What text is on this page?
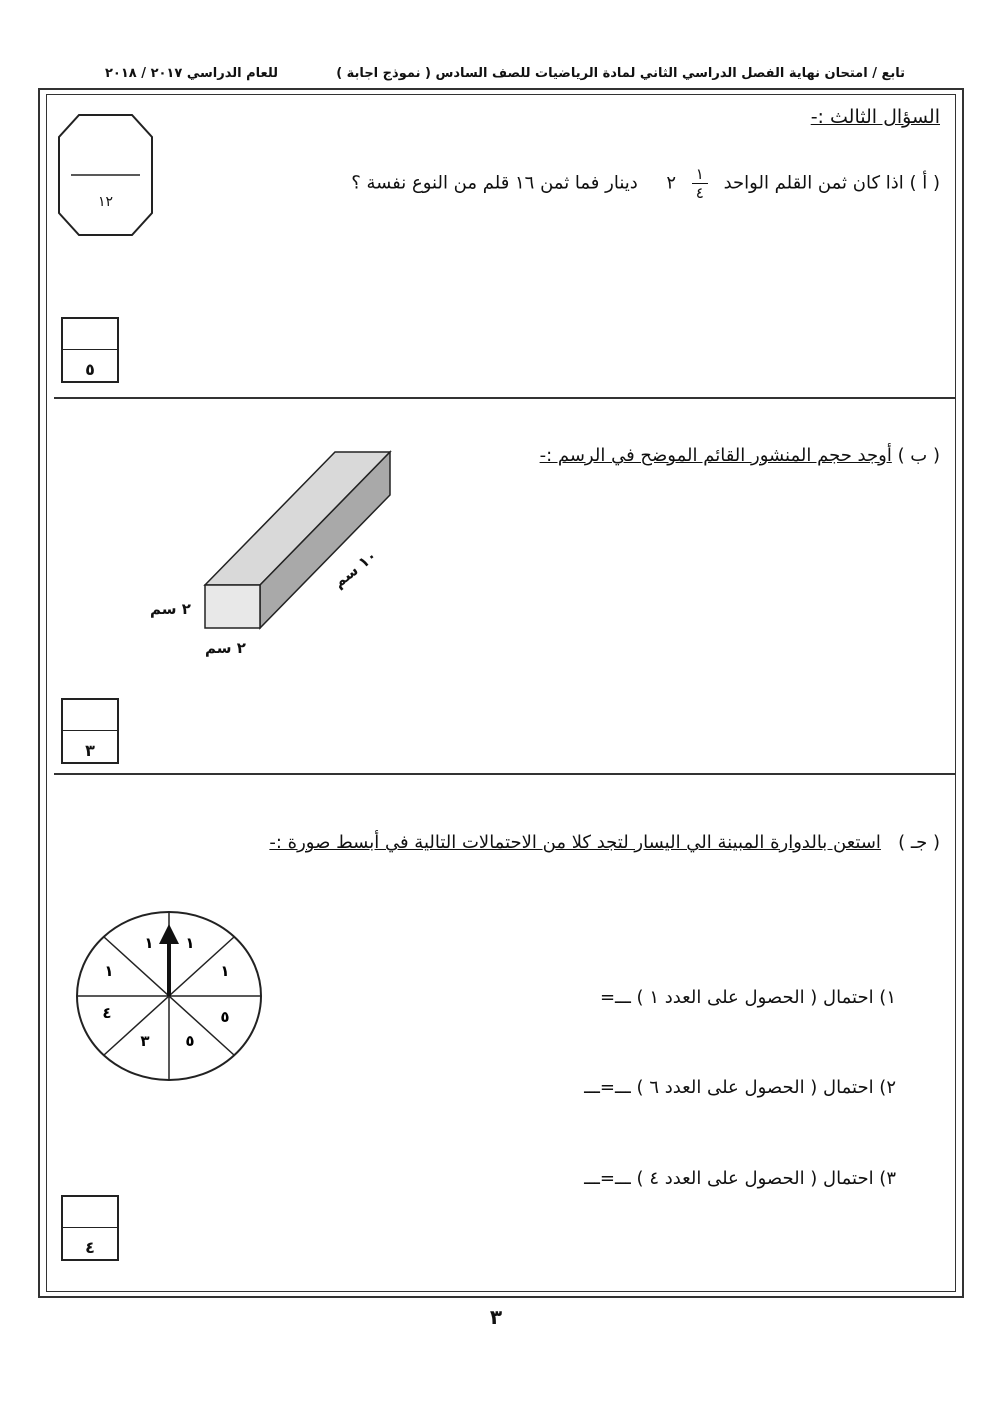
تابع / امتحان نهاية الفصل الدراسي الثاني لمادة الرياضيات للصف السادس ( نموذج اجابة )
للعام الدراسي ٢٠١٧ / ٢٠١٨
السؤال الثالث :-
١٢
( أ ) اذا كان ثمن القلم الواحد
$\frac{١}{٤}$
٢     دينار فما ثمن ١٦ قلم من النوع نفسة ؟
٥
( ب ) أوجد حجم المنشور القائم الموضح في الرسم :-
١٠ سم
٢ سم
٢ سم
٣
( جـ )   استعن بالدوارة المبينة الي اليسار لتجد كلا من الاحتمالات التالية في أبسط صورة :-
١
١
١
٥
٥
٣
٤
١
١) احتمال ( الحصول على العدد ١ ) ـــ=
٢) احتمال ( الحصول على العدد ٦ ) ـــ=ـــ
٣) احتمال ( الحصول على العدد ٤ ) ـــ=ـــ
٤
٣
